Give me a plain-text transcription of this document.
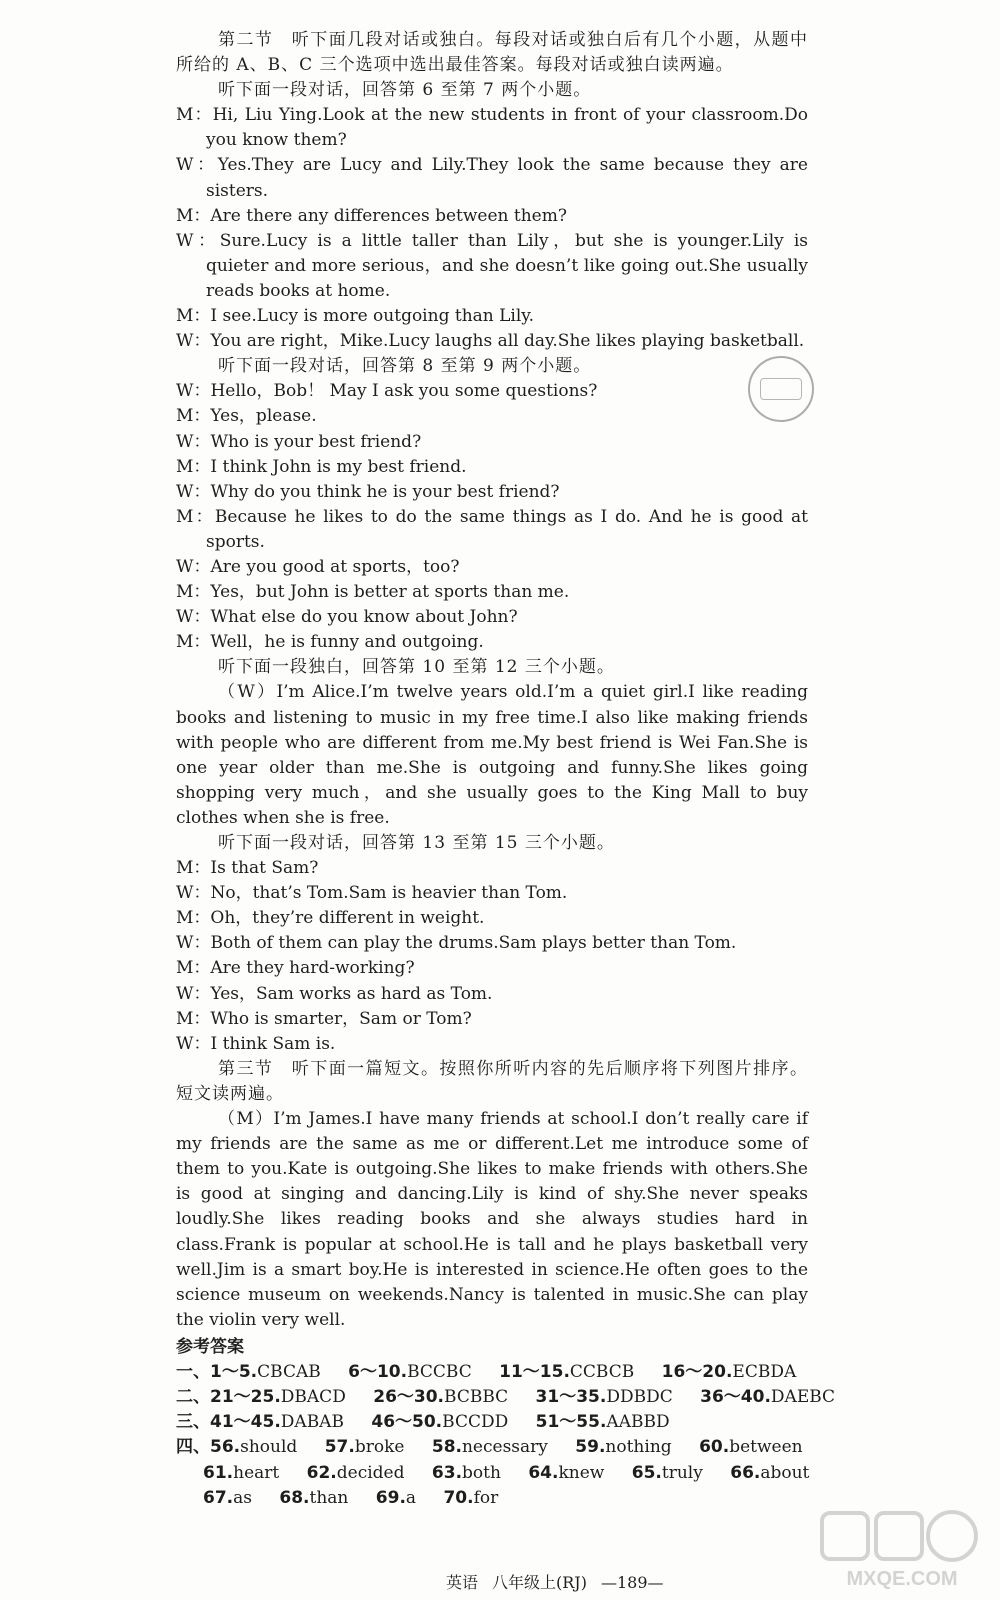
第二节　听下面几段对话或独白。每段对话或独白后有几个小题，从题中所给的 A、B、C 三个选项中选出最佳答案。每段对话或独白读两遍。

听下面一段对话，回答第 6 至第 7 两个小题。

M：Hi, Liu Ying.Look at the new students in front of your classroom.Do you know them?

W：Yes.They are Lucy and Lily.They look the same because they are sisters.

M：Are there any differences between them?

W：Sure.Lucy is a little taller than Lily，but she is younger.Lily is quieter and more serious，and she doesn’t like going out.She usually reads books at home.

M：I see.Lucy is more outgoing than Lily.

W：You are right，Mike.Lucy laughs all day.She likes playing basketball.

听下面一段对话，回答第 8 至第 9 两个小题。

W：Hello，Bob！ May I ask you some questions?

M：Yes，please.

W：Who is your best friend?

M：I think John is my best friend.

W：Why do you think he is your best friend?

M：Because he likes to do the same things as I do. And he is good at sports.

W：Are you good at sports，too?

M：Yes，but John is better at sports than me.

W：What else do you know about John?

M：Well，he is funny and outgoing.

听下面一段独白，回答第 10 至第 12 三个小题。

（W）I’m Alice.I’m twelve years old.I’m a quiet girl.I like reading books and listening to music in my free time.I also like making friends with people who are different from me.My best friend is Wei Fan.She is one year older than me.She is outgoing and funny.She likes going shopping very much，and she usually goes to the King Mall to buy clothes when she is free.

听下面一段对话，回答第 13 至第 15 三个小题。

M：Is that Sam?

W：No，that’s Tom.Sam is heavier than Tom.

M：Oh，they’re different in weight.

W：Both of them can play the drums.Sam plays better than Tom.

M：Are they hard-working?

W：Yes，Sam works as hard as Tom.

M：Who is smarter，Sam or Tom?

W：I think Sam is.

第三节　听下面一篇短文。按照你所听内容的先后顺序将下列图片排序。短文读两遍。

（M）I’m James.I have many friends at school.I don’t really care if my friends are the same as me or different.Let me introduce some of them to you.Kate is outgoing.She likes to make friends with others.She is good at singing and dancing.Lily is kind of shy.She never speaks loudly.She likes reading books and she always studies hard in class.Frank is popular at school.He is tall and he plays basketball very well.Jim is a smart boy.He is interested in science.He often goes to the science museum on weekends.Nancy is talented in music.She can play the violin very well.

参考答案
一、1～5.CBCAB 6～10.BCCBC 11～15.CCBCB 16～20.ECBDA
二、21～25.DBACD 26～30.BCBBC 31～35.DDBDC 36～40.DAEBC
三、41～45.DABAB 46～50.BCCDD 51～55.AABBD
四、56.should 57.broke 58.necessary 59.nothing 60.between
61.heart 62.decided 63.both 64.knew 65.truly 66.about
67.as 68.than 69.a 70.for
英语 八年级上(RJ) —189—	MXQE.COM
